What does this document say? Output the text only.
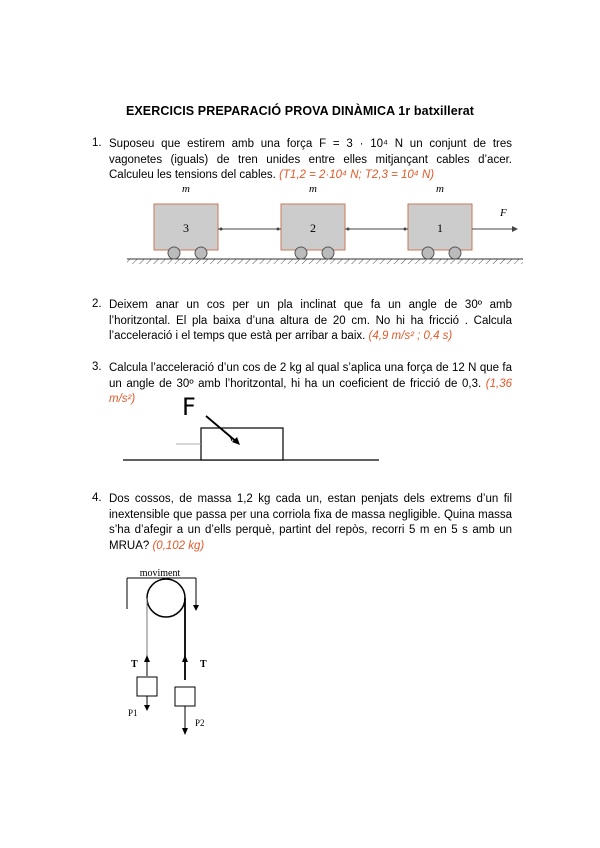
EXERCICIS PREPARACIÓ PROVA DINÀMICA 1r batxillerat
1. Suposeu que estirem amb una força F = 3 · 10⁴ N un conjunt de tres vagonetes (iguals) de tren unides entre elles mitjançant cables d’acer. Calculeu les tensions del cables. (T1,2 = 2·10⁴ N; T2,3 = 10⁴ N)
2. Deixem anar un cos per un pla inclinat que fa un angle de 30º amb l’horitzontal. El pla baixa d’una altura de 20 cm. No hi ha fricció . Calcula l’acceleració i el temps que està per arribar a baix. (4,9 m/s² ; 0,4 s)
3. Calcula l’acceleració d’un cos de 2 kg al qual s’aplica una força de 12 N que fa un angle de 30º amb l’horitzontal, hi ha un coeficient de fricció de 0,3. (1,36 m/s²)
4. Dos cossos, de massa 1,2 kg cada un, estan penjats dels extrems d’un fil inextensible que passa per una corriola fixa de massa negligible. Quina massa s’ha d’afegir a un d’ells perquè, partint del repòs, recorri 5 m en 5 s amb un MRUA? (0,102 kg)
3
m
2
m
1
m
F
F
moviment
T	T
P1
P2
